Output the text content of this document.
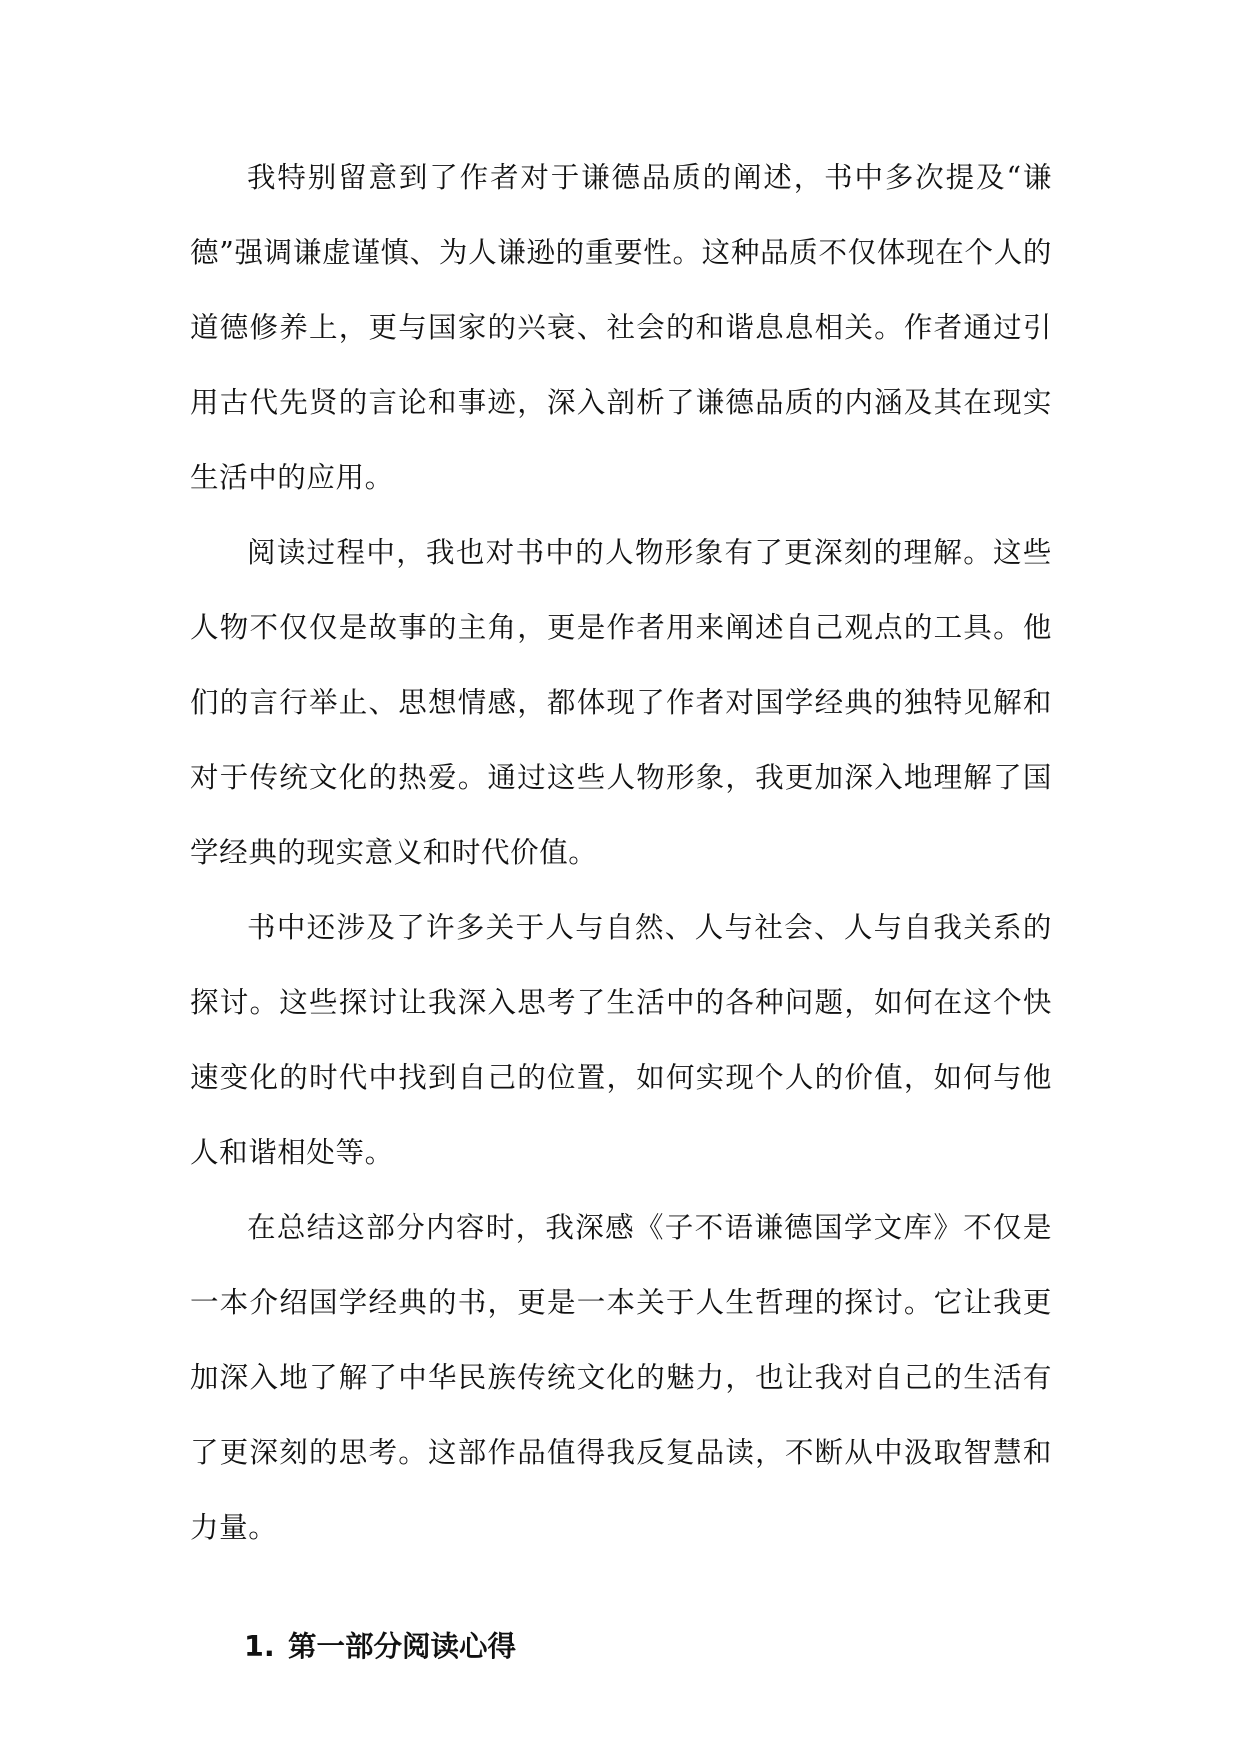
我特别留意到了作者对于谦德品质的阐述，书中多次提及“谦德”强调谦虚谨慎、为人谦逊的重要性。这种品质不仅体现在个人的道德修养上，更与国家的兴衰、社会的和谐息息相关。作者通过引用古代先贤的言论和事迹，深入剖析了谦德品质的内涵及其在现实生活中的应用。

阅读过程中，我也对书中的人物形象有了更深刻的理解。这些人物不仅仅是故事的主角，更是作者用来阐述自己观点的工具。他们的言行举止、思想情感，都体现了作者对国学经典的独特见解和对于传统文化的热爱。通过这些人物形象，我更加深入地理解了国学经典的现实意义和时代价值。

书中还涉及了许多关于人与自然、人与社会、人与自我关系的探讨。这些探讨让我深入思考了生活中的各种问题，如何在这个快速变化的时代中找到自己的位置，如何实现个人的价值，如何与他人和谐相处等。

在总结这部分内容时，我深感《子不语谦德国学文库》不仅是一本介绍国学经典的书，更是一本关于人生哲理的探讨。它让我更加深入地了解了中华民族传统文化的魅力，也让我对自己的生活有了更深刻的思考。这部作品值得我反复品读，不断从中汲取智慧和力量。

1. 第一部分阅读心得
